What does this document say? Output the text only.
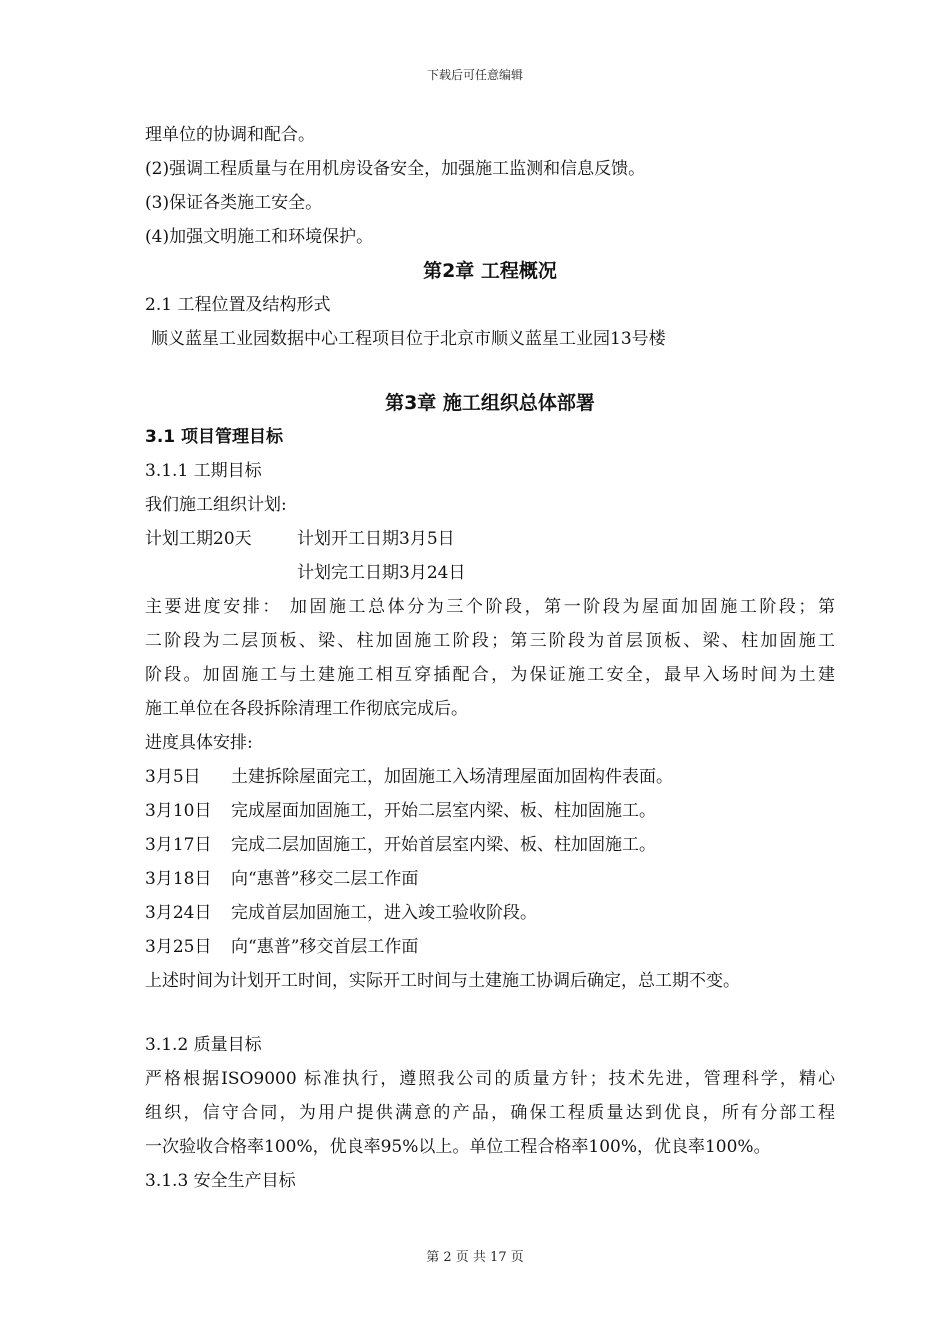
下载后可任意编辑
理单位的协调和配合。
(2)强调工程质量与在用机房设备安全，加强施工监测和信息反馈。
(3)保证各类施工安全。
(4)加强文明施工和环境保护。
第2章 工程概况
2.1 工程位置及结构形式
顺义蓝星工业园数据中心工程项目位于北京市顺义蓝星工业园13号楼
第3章 施工组织总体部署
3.1 项目管理目标
3.1.1 工期目标
我们施工组织计划:
计划工期20天	计划开工日期3月5日
计划完工日期3月24日
主要进度安排： 加固施工总体分为三个阶段，第一阶段为屋面加固施工阶段；第
二阶段为二层顶板、梁、柱加固施工阶段；第三阶段为首层顶板、梁、柱加固施工
阶段。加固施工与土建施工相互穿插配合，为保证施工安全，最早入场时间为土建
施工单位在各段拆除清理工作彻底完成后。
进度具体安排:
3月5日 土建拆除屋面完工，加固施工入场清理屋面加固构件表面。
3月10日 完成屋面加固施工，开始二层室内梁、板、柱加固施工。
3月17日 完成二层加固施工，开始首层室内梁、板、柱加固施工。
3月18日 向“惠普”移交二层工作面
3月24日 完成首层加固施工，进入竣工验收阶段。
3月25日 向“惠普”移交首层工作面
上述时间为计划开工时间，实际开工时间与土建施工协调后确定，总工期不变。
3.1.2 质量目标
严格根据ISO9000 标准执行，遵照我公司的质量方针；技术先进，管理科学，精心
组织，信守合同，为用户提供满意的产品，确保工程质量达到优良，所有分部工程
一次验收合格率100%，优良率95%以上。单位工程合格率100%，优良率100%。
3.1.3 安全生产目标
第 2 页 共 17 页
